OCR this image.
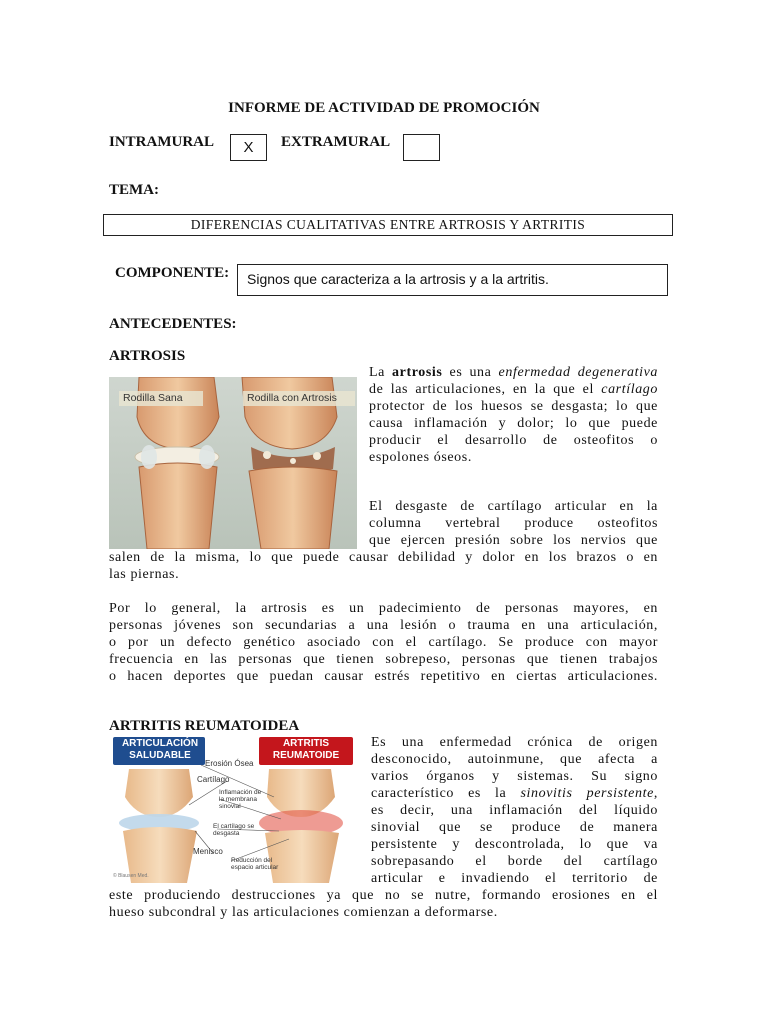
INFORME DE ACTIVIDAD DE PROMOCIÓN
INTRAMURAL	X	EXTRAMURAL
TEMA:
DIFERENCIAS CUALITATIVAS ENTRE ARTROSIS Y ARTRITIS
COMPONENTE:	Signos que caracteriza a la artrosis y a la artritis.
ANTECEDENTES:
ARTROSIS
Rodilla Sana	Rodilla con Artrosis
La artrosis es una enfermedad degenerativa de las articulaciones, en la que el cartílago protector de los huesos se desgasta; lo que causa inflamación y dolor; lo que puede producir el desarrollo de osteofitos o espolones óseos.
El desgaste de cartílago articular en la
columna vertebral produce osteofitos
que ejercen presión sobre los nervios que
salen de la misma, lo que puede causar debilidad y dolor en los brazos o en
las piernas.
Por lo general, la artrosis es un padecimiento de personas mayores, en
personas jóvenes son secundarias a una lesión o trauma en una articulación,
o por un defecto genético asociado con el cartílago. Se produce con mayor
frecuencia en las personas que tienen sobrepeso, personas que tienen trabajos
o hacen deportes que puedan causar estrés repetitivo en ciertas articulaciones.
ARTRITIS REUMATOIDEA
ARTICULACIÓN SALUDABLE
ARTRITIS REUMATOIDE
Erosión Ósea
Cartílago
Inflamación de la membrana sinovial
El cartílago se desgasta
Menisco
Reducción del espacio articular
© Blausen Med.
Es una enfermedad crónica de origen
desconocido, autoinmune, que afecta a
varios órganos y sistemas. Su signo
característico es la sinovitis persistente,
es decir, una inflamación del líquido
sinovial que se produce de manera
persistente y descontrolada, lo que va
sobrepasando el borde del cartílago
articular e invadiendo el territorio de
este produciendo destrucciones ya que no se nutre, formando erosiones en el
hueso subcondral y las articulaciones comienzan a deformarse.
